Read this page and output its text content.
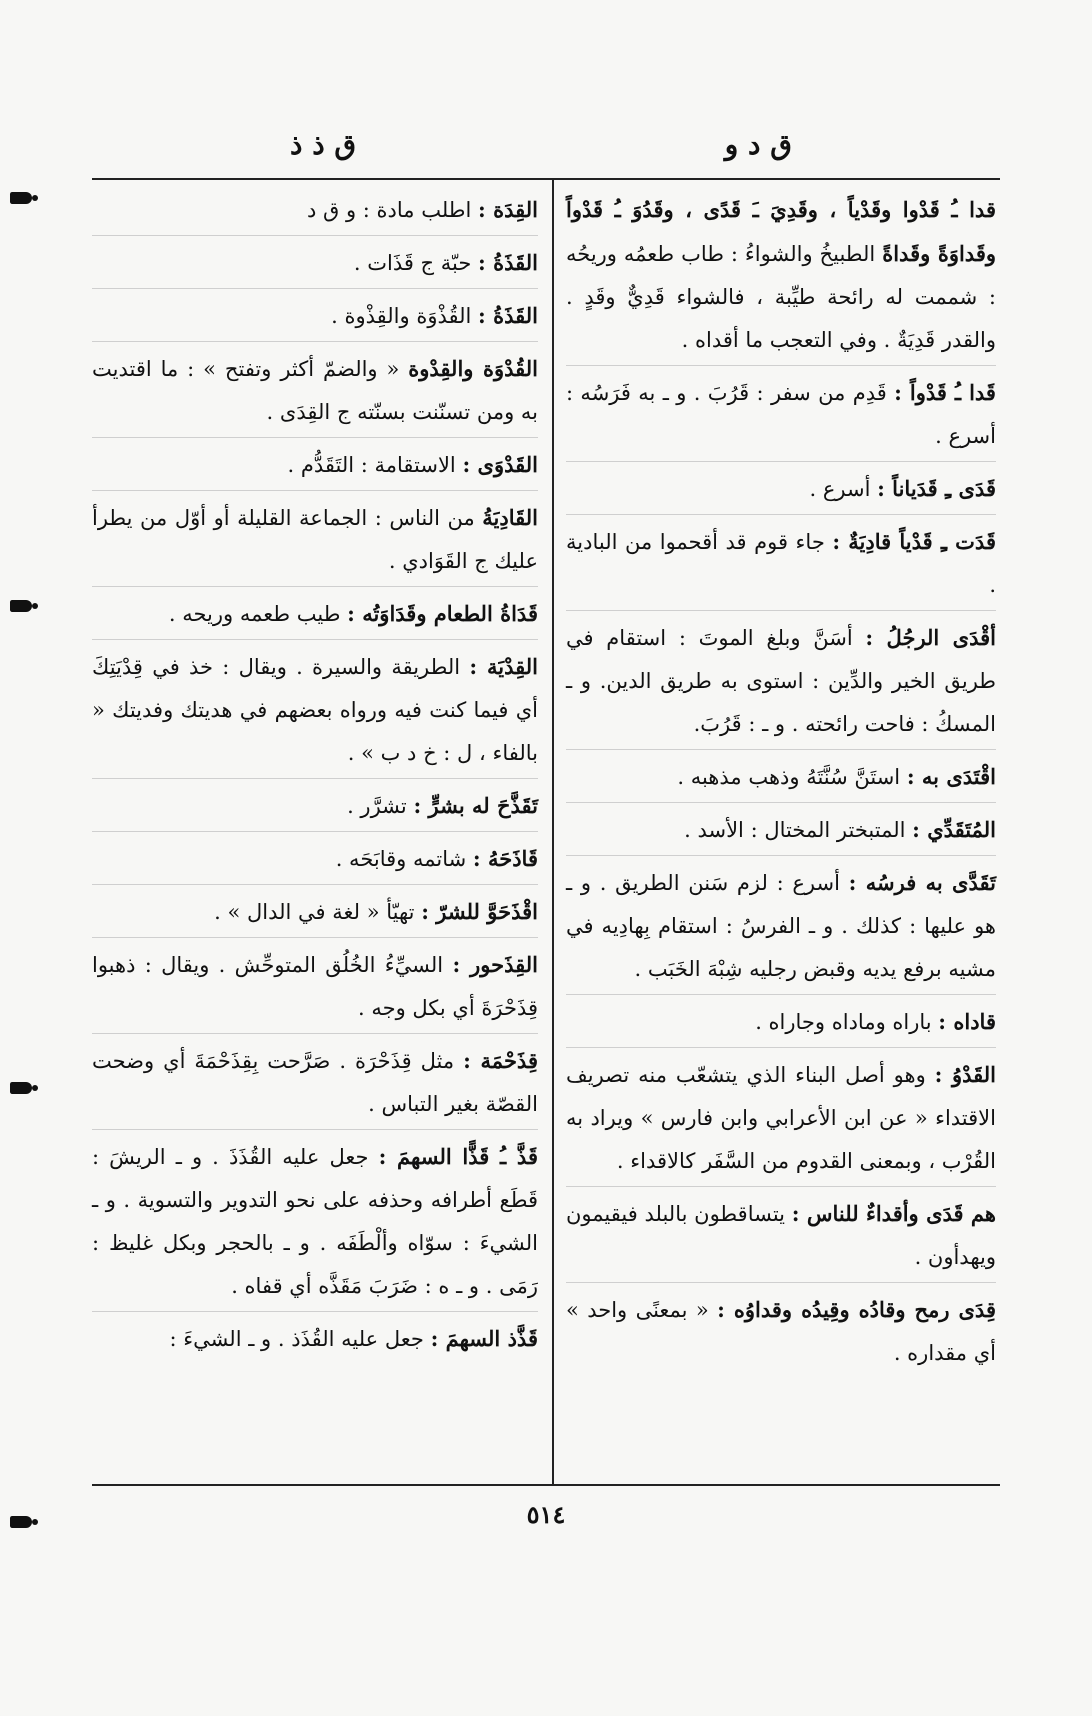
ق د و
ق ذ ذ

قدا ـُ قَدْوا وقَدْياً ، وقَدِيَ ـَ قَدًى ، وقَدُوَ ـُ قَدْواً وقَداوَةً وقَداةً الطبيخُ والشواءُ : طاب طعمُه وريحُه : شممت له رائحة طيِّبة ، فالشواء قَدِيٌّ وقَدٍ . والقدر قَدِيَةٌ . وفي التعجب ما أقداه .

قَدا ـُ قَدْواً : قَدِم من سفر : قَرُبَ . و ـ به فَرَسُه : أسرع .

قَدَى ـِ قَدَياناً : أسرع .

قَدَت ـِ قَدْياً قادِيَةٌ : جاء قوم قد أقحموا من البادية .

أقْدَى الرجُلُ : أسَنَّ وبلغ الموتَ : استقام في طريق الخير والدِّين : استوى به طريق الدين. و ـ المسكُ : فاحت رائحته . و ـ : قَرُبَ.

اقْتَدَى به : استَنَّ سُنَّتَهُ وذهب مذهبه .

المُتَقَدِّي : المتبختر المختال : الأسد .

تَقَدَّى به فرسُه : أسرع : لزم سَنن الطريق . و ـ هو عليها : كذلك . و ـ الفرسُ : استقام بِهادِيه في مشيه برفع يديه وقبض رجليه شِبْهَ الخَبَب .

قاداه : باراه وماداه وجاراه .

القَدْوُ : وهو أصل البناء الذي يتشعّب منه تصريف الاقتداء « عن ابن الأعرابي وابن فارس » ويراد به القُرْب ، وبمعنى القدوم من السَّفَر كالاقداء .

هم قَدَى وأقداءٌ للناس : يتساقطون بالبلد فيقيمون ويهدأون .

قِدَى رمح وقادُه وقِيدُه وقداوُه : « بمعنًى واحد » أي مقداره .

القِدَة : اطلب مادة : و ق د

القَذَةُ : حبّة ج قَذَات .

القَذَةُ : القُذْوَة والقِذْوة .

القُدْوَة والقِدْوة « والضمّ أكثر وتفتح » : ما اقتديت به ومن تسنّنت بسنّته ج القِدَى .

القَدْوَى : الاستقامة : التَقَدُّم .

القَادِيَةُ من الناس : الجماعة القليلة أو أوّل من يطرأ عليك ج القَوَادي .

قَدَاةُ الطعام وقَدَاوَتُه : طيب طعمه وريحه .

القِدْيَة : الطريقة والسيرة . ويقال : خذ في قِدْيَتِكَ أي فيما كنت فيه ورواه بعضهم في هديتك وفديتك « بالفاء ، ل : خ د ب » .

تَقَذَّحَ له بشرٍّ : تشرَّر .

قَاذَحَهُ : شاتمه وقابَحَه .

اقْذَحَوَّ للشرّ : تهيّأ « لغة في الدال » .

القِذَحور : السيِّءُ الخُلُق المتوحِّش . ويقال : ذهبوا قِذَحْرَةَ أي بكل وجه .

قِذَحْمَة : مثل قِذَحْرَة . صَرَّحت بِقِذَحْمَةَ أي وضحت القصّة بغير التباس .

قَذَّ ـُ قَذًّا السهمَ : جعل عليه القُذَذَ . و ـ الريشَ : قَطَع أطرافه وحذفه على نحو التدوير والتسوية . و ـ الشيءَ : سوّاه وألْطَفَه . و ـ بالحجر وبكل غليظ : رَمَى . و ـ ه : ضَرَبَ مَقَذَّه أي قفاه .

قَذَّذ السهمَ : جعل عليه القُذَذ . و ـ الشيءَ :

٥١٤
